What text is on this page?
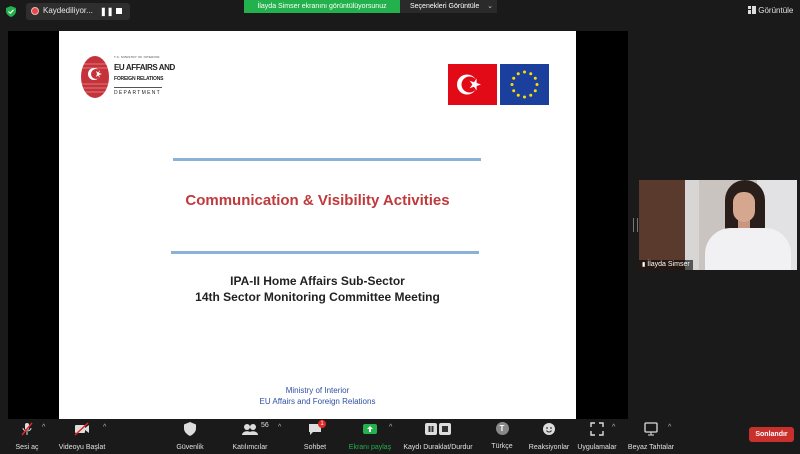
Kaydediliyor... ❚❚
İlayda Simser ekranını görüntülüyorsunuz	Seçenekleri Görüntüle ⌄	Görüntüle
T.C. MINISTRY OF INTERIOR
EU AFFAIRS AND
FOREIGN RELATIONS
DEPARTMENT
Communication & Visibility Activities
IPA-II Home Affairs Sub-Sector
14th Sector Monitoring Committee Meeting
Ministry of Interior
EU Affairs and Foreign Relations
▮ İlayda Simser
Sesi aç
^
Videoyu Başlat
^
Güvenlik	Katılımcılar
56 ^
Sohbet
1
Ekranı paylaş
^
Kaydı Duraklat/Durdur
T
Türkçe	Reaksiyonlar Uygulamalar
^
Beyaz Tahtalar
^
Sonlandır
